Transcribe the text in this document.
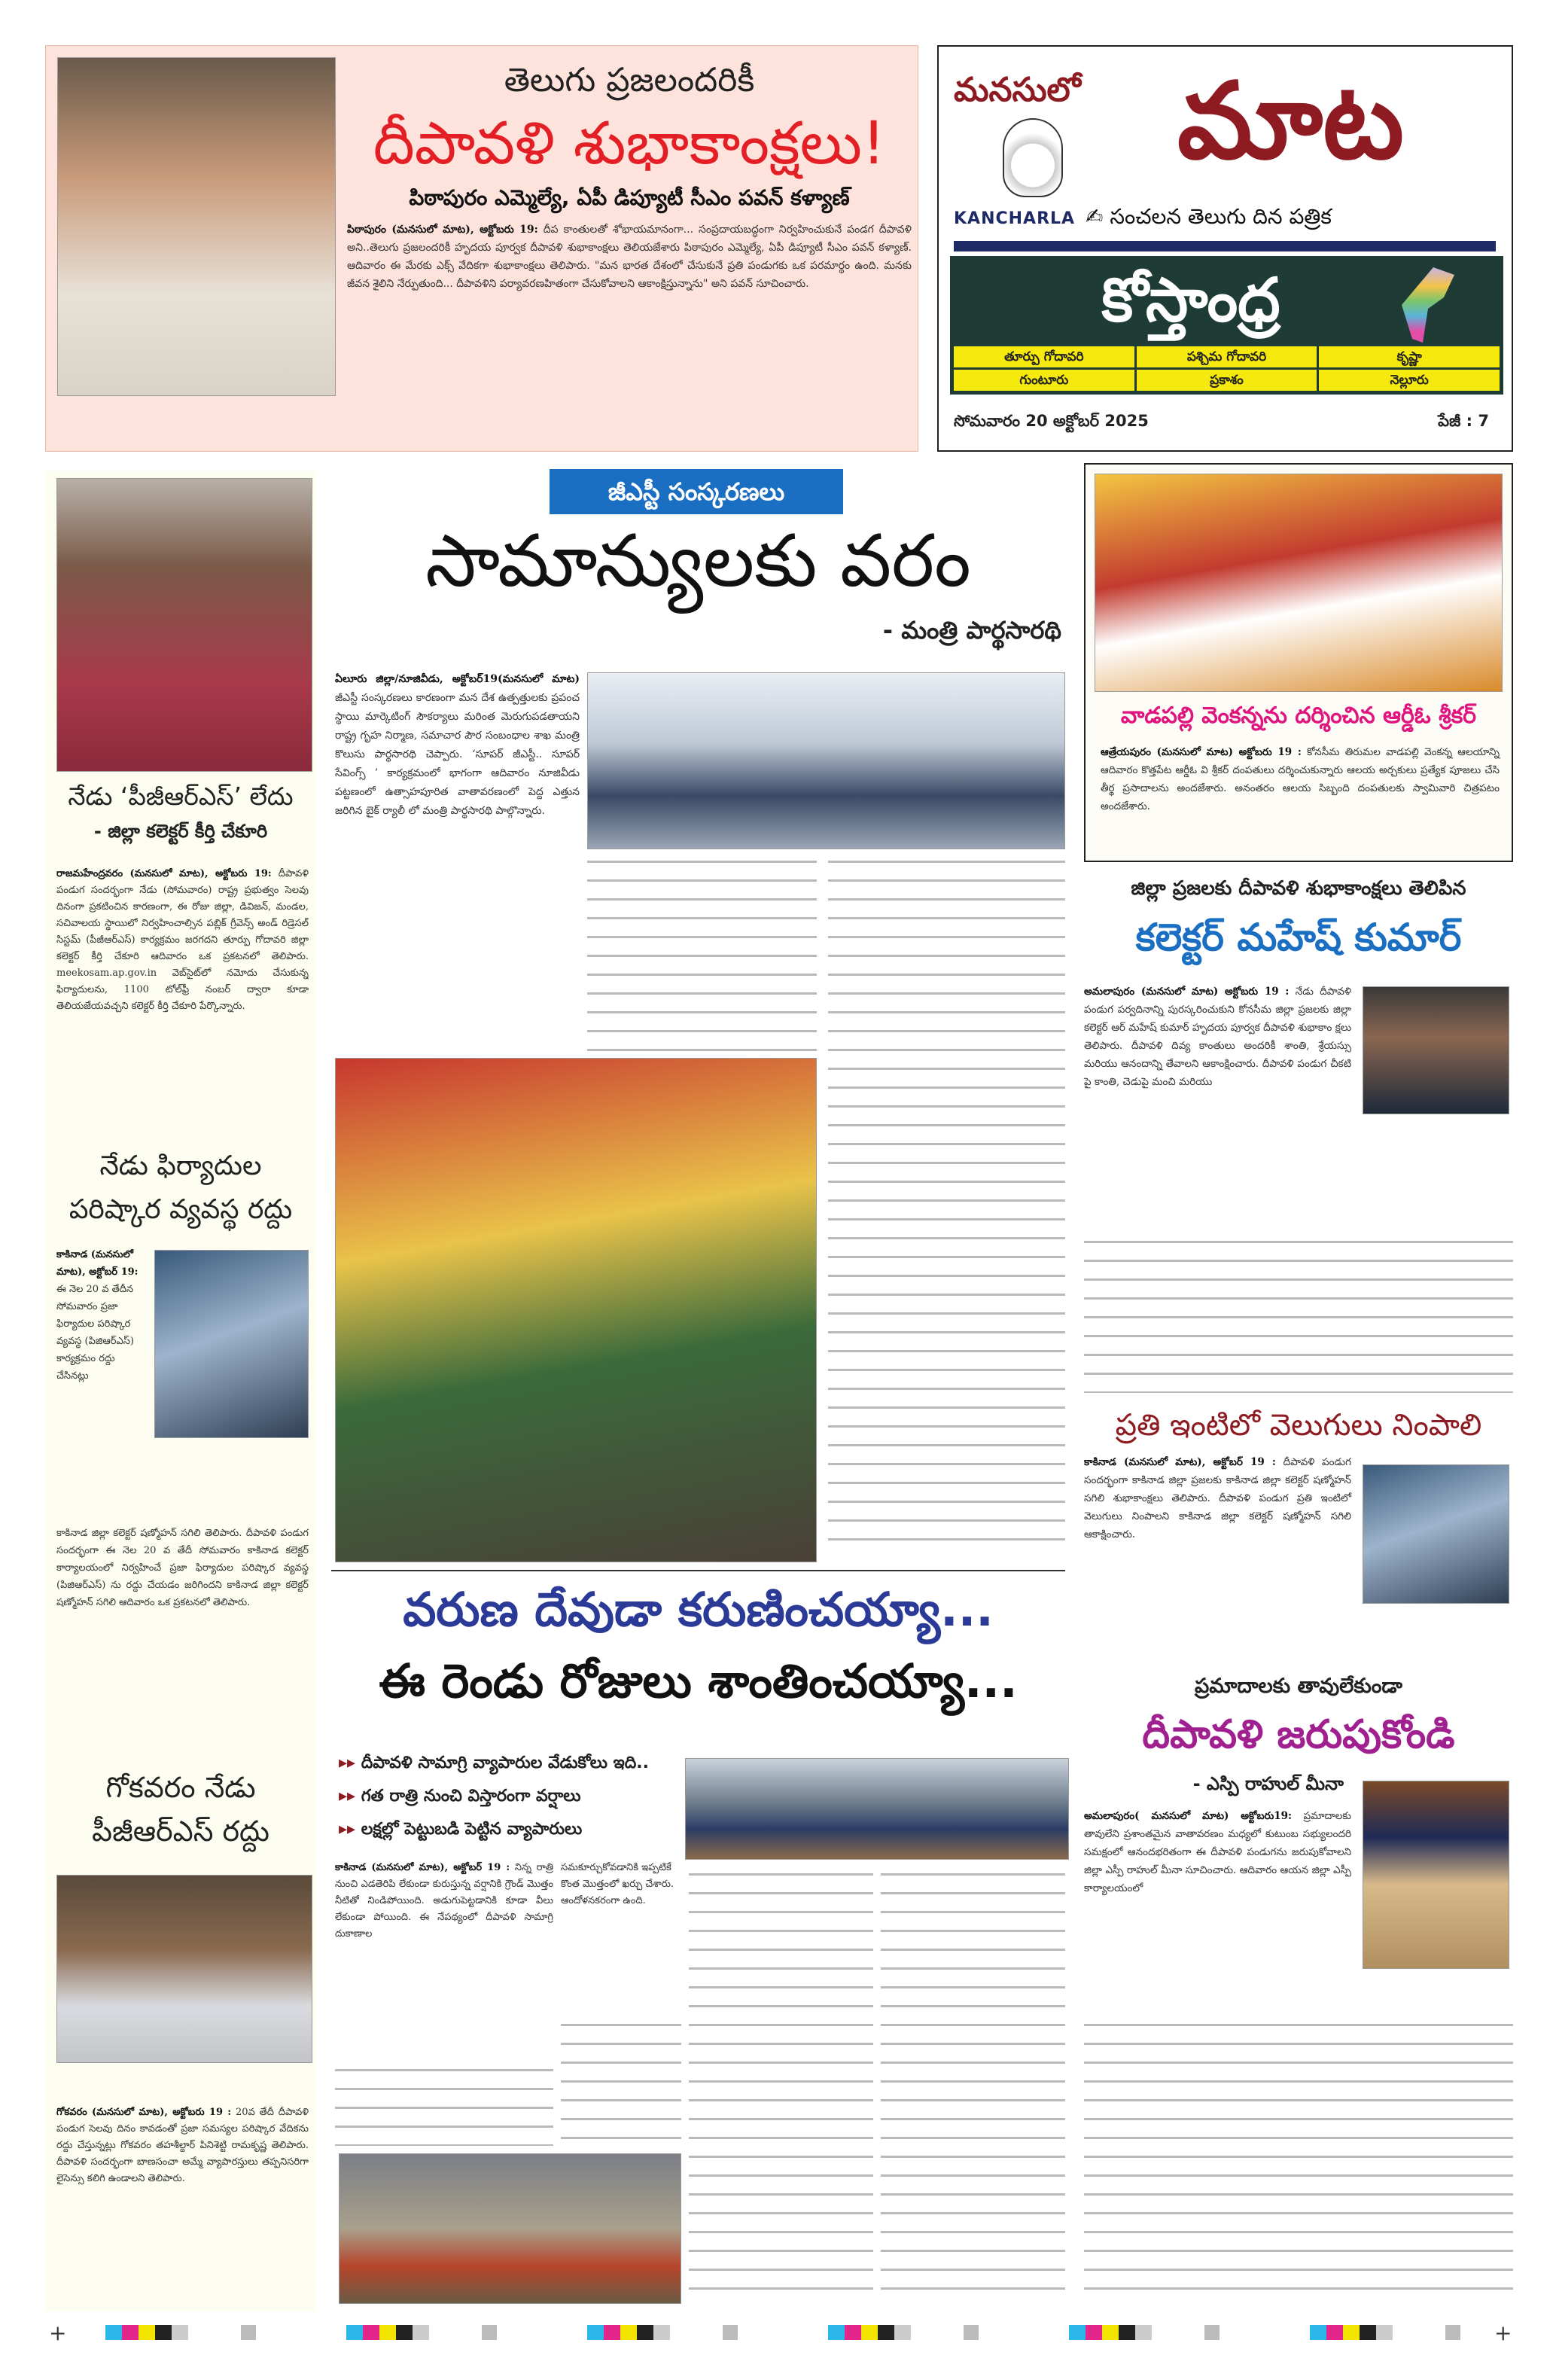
తెలుగు ప్రజలందరికీ
దీపావళి శుభాకాంక్షలు!
పిఠాపురం ఎమ్మెల్యే, ఏపీ డిప్యూటీ సీఎం పవన్ కళ్యాణ్
పిఠాపురం (మనసులో మాట), అక్టోబరు 19: దీప కాంతులతో శోభాయమానంగా... సంప్రదాయబద్ధంగా నిర్వహించుకునే పండగ దీపావళి అని..తెలుగు ప్రజలందరికీ హృదయ పూర్వక దీపావళి శుభాకాంక్షలు తెలియజేశారు పిఠాపురం ఎమ్మెల్యే, ఏపీ డిప్యూటీ సీఎం పవన్ కళ్యాణ్. ఆదివారం ఈ మేరకు ఎక్స్ వేదికగా శుభాకాంక్షలు తెలిపారు. "మన భారత దేశంలో చేసుకునే ప్రతి పండుగకు ఒక పరమార్థం ఉంది. మనకు జీవన శైలిని నేర్పుతుంది... దీపావళిని పర్యావరణహితంగా చేసుకోవాలని ఆకాంక్షిస్తున్నాను" అని పవన్ సూచించారు.
మనసులో మాట
KANCHARLA ✍ సంచలన తెలుగు దిన పత్రిక
కోస్తాంధ్ర
తూర్పు గోదావరి	పశ్చిమ గోదావరి	కృష్ణా
గుంటూరు	ప్రకాశం	నెల్లూరు
సోమవారం 20 అక్టోబర్ 2025	పేజీ : 7
నేడు ‘పీజీఆర్ఎస్’ లేదు
- జిల్లా కలెక్టర్ కీర్తి చేకూరి
రాజమహేంద్రవరం (మనసులో మాట), అక్టోబరు 19: దీపావళి పండుగ సందర్భంగా నేడు (సోమవారం) రాష్ట్ర ప్రభుత్వం సెలవు దినంగా ప్రకటించిన కారణంగా, ఈ రోజు జిల్లా, డివిజన్, మండల, సచివాలయ స్థాయిలో నిర్వహించాల్సిన పబ్లిక్ గ్రీవెన్స్ అండ్ రిడ్రెసల్ సిస్టమ్ (పీజీఆర్ఎస్) కార్యక్రమం జరగదని తూర్పు గోదావరి జిల్లా కలెక్టర్ కీర్తి చేకూరి ఆదివారం ఒక ప్రకటనలో తెలిపారు. meekosam.ap.gov.in వెబ్‌సైట్‌లో నమోదు చేసుకున్న ఫిర్యాదులను, 1100 టోల్‌ఫ్రీ నంబర్ ద్వారా కూడా తెలియజేయవచ్చని కలెక్టర్ కీర్తి చేకూరి పేర్కొన్నారు.
నేడు ఫిర్యాదుల పరిష్కార వ్యవస్థ రద్దు
కాకినాడ (మనసులో మాట), అక్టోబర్ 19: ఈ నెల 20 వ తేదీన సోమవారం ప్రజా ఫిర్యాదుల పరిష్కార వ్యవస్థ (పిజిఆర్ఎస్) కార్యక్రమం రద్దు చేసినట్లు
కాకినాడ జిల్లా కలెక్టర్ షణ్మోహన్ సగిలి తెలిపారు. దీపావళి పండుగ సందర్భంగా ఈ నెల 20 వ తేదీ సోమవారం కాకినాడ కలెక్టర్ కార్యాలయంలో నిర్వహించే ప్రజా ఫిర్యాదుల పరిష్కార వ్యవస్థ (పిజిఆర్ఎస్) ను రద్దు చేయడం జరిగిందని కాకినాడ జిల్లా కలెక్టర్ షణ్మోహన్ సగిలి ఆదివారం ఒక ప్రకటనలో తెలిపారు.
గోకవరం నేడు పీజీఆర్ఎస్ రద్దు
గోకవరం (మనసులో మాట), అక్టోబరు 19 : 20వ తేదీ దీపావళి పండుగ సెలవు దినం కావడంతో ప్రజా సమస్యల పరిష్కార వేదికను రద్దు చేస్తున్నట్లు గోకవరం తహశీల్దార్ పినిశెట్టి రామకృష్ణ తెలిపారు. దీపావళి సందర్భంగా బాణసంచా అమ్మే వ్యాపారస్తులు తప్పనిసరిగా లైసెన్సు కలిగి ఉండాలని తెలిపారు.
జీఎస్టీ సంస్కరణలు
సామాన్యులకు వరం
- మంత్రి పార్థసారథి
ఏలూరు జిల్లా/నూజివీడు, అక్టోబర్19(మనసులో మాట) జీఎస్టీ సంస్కరణలు కారణంగా మన దేశ ఉత్పత్తులకు ప్రపంచ స్థాయి మార్కెటింగ్ సౌకర్యాలు మరింత మెరుగుపడతాయని రాష్ట్ర గృహ నిర్మాణ, సమాచార పౌర సంబంధాల శాఖ మంత్రి కొలుసు పార్థసారథి చెప్పారు. ‘సూపర్ జీఎస్టీ.. సూపర్ సేవింగ్స్ ’ కార్యక్రమంలో భాగంగా ఆదివారం నూజివీడు పట్టణంలో ఉత్సాహపూరిత వాతావరణంలో పెద్ద ఎత్తున జరిగిన బైక్ ర్యాలీ లో మంత్రి పార్థసారథి పాల్గొన్నారు.
వరుణ దేవుడా కరుణించయ్యా...
ఈ రెండు రోజులు శాంతించయ్యా...
▸▸ దీపావళి సామాగ్రి వ్యాపారుల వేడుకోలు ఇది..
▸▸ గత రాత్రి నుంచి విస్తారంగా వర్షాలు
▸▸ లక్షల్లో పెట్టుబడి పెట్టిన వ్యాపారులు
కాకినాడ (మనసులో మాట), అక్టోబర్ 19 : నిన్న రాత్రి నుంచి ఎడతెరిపి లేకుండా కురుస్తున్న వర్షానికి గ్రౌండ్ మొత్తం నీటితో నిండిపోయింది. అడుగుపెట్టడానికి కూడా వీలు లేకుండా పోయింది. ఈ నేపథ్యంలో దీపావళి సామాగ్రి దుకాణాల
సమకూర్చుకోవడానికి ఇప్పటికే కొంత మొత్తంలో ఖర్చు చేశారు. ఆందోళనకరంగా ఉంది.
వాడపల్లి వెంకన్నను దర్శించిన ఆర్డీఓ శ్రీకర్
ఆత్రేయపురం (మనసులో మాట) అక్టోబరు 19 : కోనసీమ తిరుమల వాడపల్లి వెంకన్న ఆలయాన్ని ఆదివారం కొత్తపేట ఆర్డీఓ వి శ్రీకర్ దంపతులు దర్శించుకున్నారు ఆలయ అర్చకులు ప్రత్యేక పూజలు చేసి తీర్థ ప్రసాదాలను అందజేశారు. అనంతరం ఆలయ సిబ్బంది దంపతులకు స్వామివారి చిత్రపటం అందజేశారు.
జిల్లా ప్రజలకు దీపావళి శుభాకాంక్షలు తెలిపిన
కలెక్టర్ మహేష్ కుమార్
అమలాపురం (మనసులో మాట) అక్టోబరు 19 : నేడు దీపావళి పండుగ పర్వదినాన్ని పురస్కరించుకుని కోనసీమ జిల్లా ప్రజలకు జిల్లా కలెక్టర్ ఆర్ మహేష్ కుమార్ హృదయ పూర్వక దీపావళి శుభాకాం క్షలు తెలిపారు. దీపావళి దివ్య కాంతులు అందరికీ శాంతి, శ్రేయస్సు మరియు ఆనందాన్ని తేవాలని ఆకాంక్షించారు. దీపావళి పండుగ చీకటి పై కాంతి, చెడుపై మంచి మరియు
ప్రతి ఇంటిలో వెలుగులు నింపాలి
కాకినాడ (మనసులో మాట), అక్టోబర్ 19 : దీపావళి పండుగ సందర్భంగా కాకినాడ జిల్లా ప్రజలకు కాకినాడ జిల్లా కలెక్టర్ షణ్మోహన్ సగిలి శుభాకాంక్షలు తెలిపారు. దీపావళి పండుగ ప్రతి ఇంటిలో వెలుగులు నింపాలని కాకినాడ జిల్లా కలెక్టర్ షణ్మోహన్ సగిలి ఆకాక్షించారు.
ప్రమాదాలకు తావులేకుండా
దీపావళి జరుపుకోండి
- ఎస్పి రాహుల్ మీనా
అమలాపురం( మనసులో మాట) అక్టోబరు19: ప్రమాదాలకు తావులేని ప్రశాంతమైన వాతావరణం మధ్యలో కుటుంబ సభ్యులందరి సమక్షంలో ఆనందభరితంగా ఈ దీపావళి పండుగను జరుపుకోవాలని జిల్లా ఎస్పీ రాహుల్ మీనా సూచించారు. ఆదివారం ఆయన జిల్లా ఎస్పీ కార్యాలయంలో
+	+
